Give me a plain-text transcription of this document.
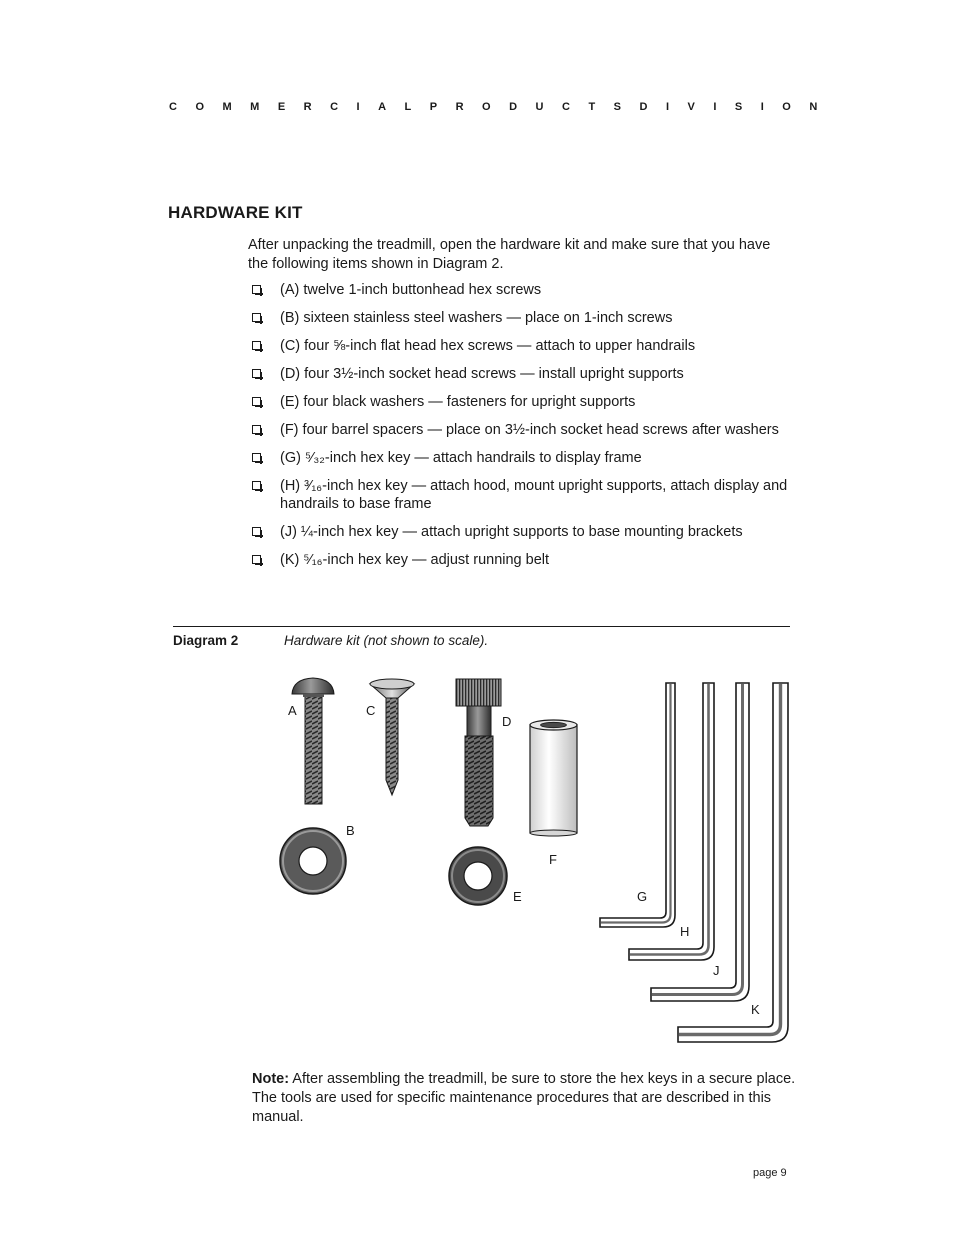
COMMERCIAL PRODUCTS DIVISION
HARDWARE KIT
After unpacking the treadmill, open the hardware kit and make sure that you have the following items shown in Diagram 2.
(A) twelve 1-inch buttonhead hex screws
(B) sixteen stainless steel washers — place on 1-inch screws
(C) four ⅝-inch flat head hex screws — attach to upper handrails
(D) four 3½-inch socket head screws — install upright supports
(E) four black washers — fasteners for upright supports
(F) four barrel spacers — place on 3½-inch socket head screws after washers
(G) ⁵⁄₃₂-inch hex key — attach handrails to display frame
(H) ³⁄₁₆-inch hex key — attach hood, mount upright supports, attach display and handrails to base frame
(J) ¼-inch hex key — attach upright supports to base mounting brackets
(K) ⁵⁄₁₆-inch hex key — adjust running belt
Diagram 2	Hardware kit (not shown to scale).
A	C
D
B
F
E	G
H
J
K
Note: After assembling the treadmill, be sure to store the hex keys in a secure place. The tools are used for specific maintenance procedures that are described in this manual.
page 9
